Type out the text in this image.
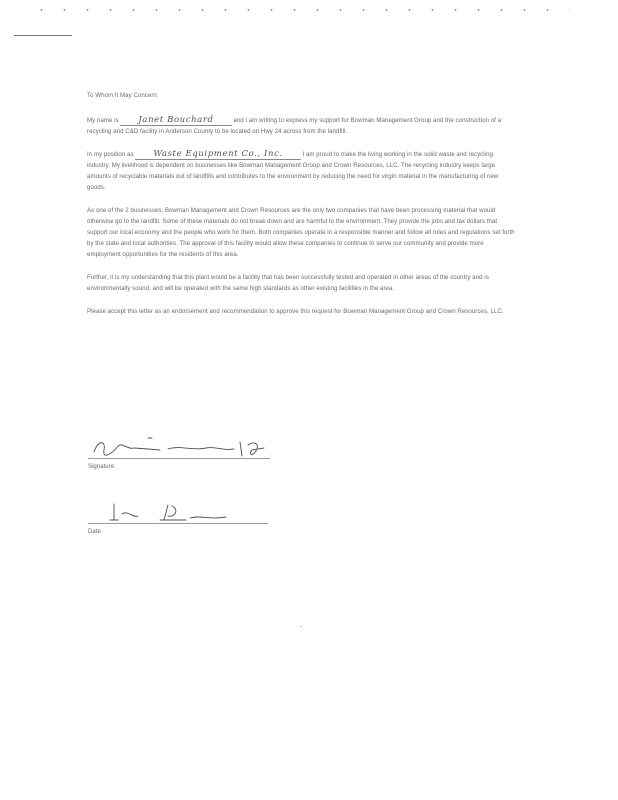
To Whom It May Concern:

My name is Janet Bouchard	and I am writing to express my support for Bowman Management Group and the construction of a recycling and C&D facility in Anderson County to be located on Hwy 24 across from the landfill.

In my position as Waste Equipment Co., Inc.	I am proud to make the living working in the solid waste and recycling industry. My livelihood is dependent on businesses like Bowman Management Group and Crown Resources, LLC. The recycling industry keeps large amounts of recyclable materials out of landfills and contributes to the environment by reducing the need for virgin material in the manufacturing of new goods.

As one of the 2 businesses, Bowman Management and Crown Resources are the only two companies that have been processing material that would otherwise go to the landfill. Some of these materials do not break down and are harmful to the environment. They provide the jobs and tax dollars that support our local economy and the people who work for them. Both companies operate in a responsible manner and follow all rules and regulations set forth by the state and local authorities. The approval of this facility would allow these companies to continue to serve our community and provide more employment opportunities for the residents of this area.

Further, it is my understanding that this plant would be a facility that has been successfully tested and operated in other areas of the country and is environmentally sound, and will be operated with the same high standards as other existing facilities in the area.

Please accept this letter as an endorsement and recommendation to approve this request for Bowman Management Group and Crown Resources, LLC.

Signature
Date
-
